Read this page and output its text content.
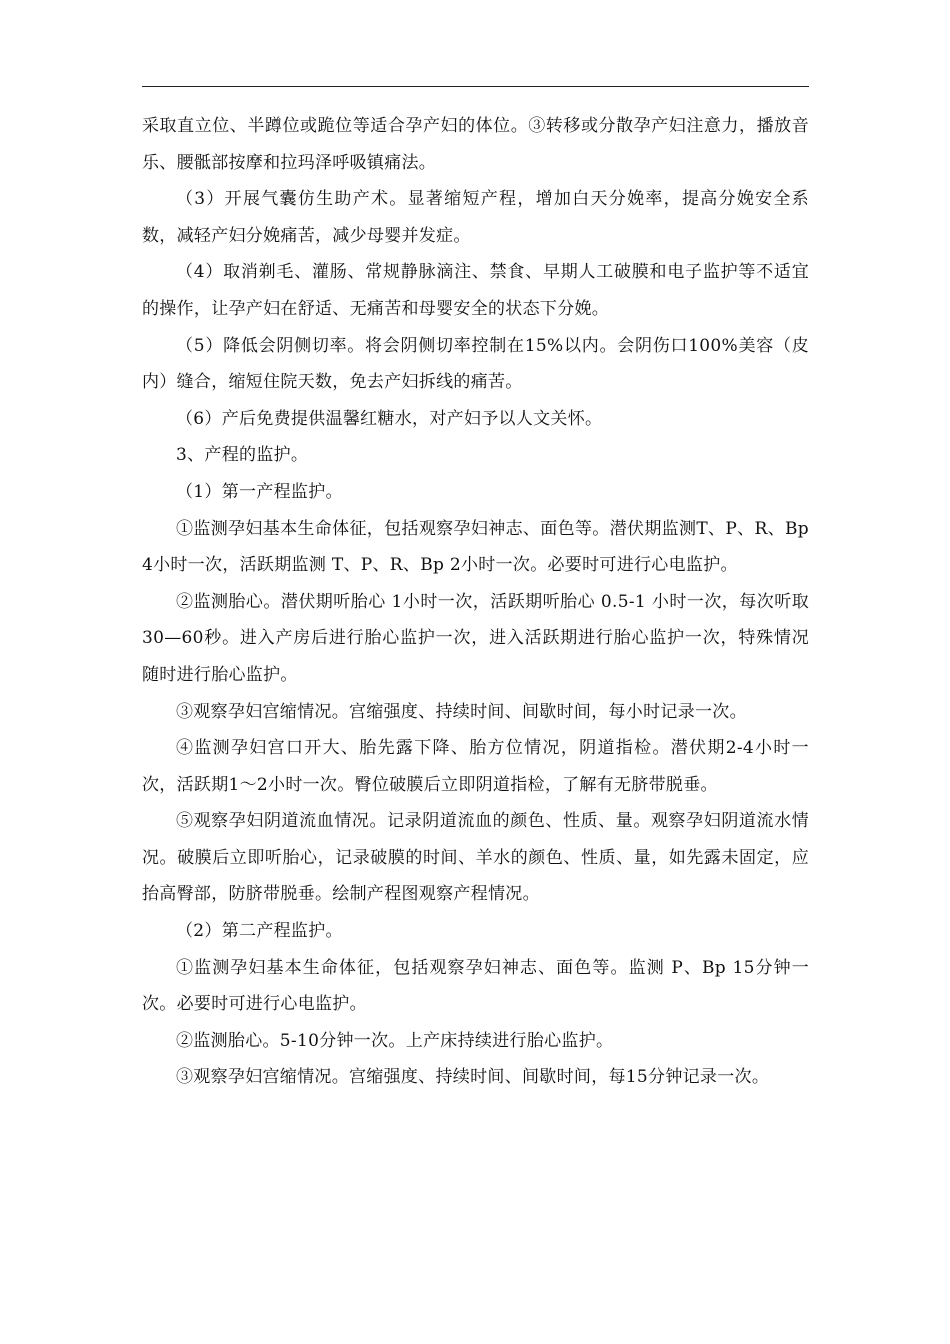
采取直立位、半蹲位或跪位等适合孕产妇的体位。③转移或分散孕产妇注意力，播放音乐、腰骶部按摩和拉玛泽呼吸镇痛法。

（3）开展气囊仿生助产术。显著缩短产程，增加白天分娩率，提高分娩安全系数，减轻产妇分娩痛苦，减少母婴并发症。

（4）取消剃毛、灌肠、常规静脉滴注、禁食、早期人工破膜和电子监护等不适宜的操作，让孕产妇在舒适、无痛苦和母婴安全的状态下分娩。

（5）降低会阴侧切率。将会阴侧切率控制在15%以内。会阴伤口100%美容（皮内）缝合，缩短住院天数，免去产妇拆线的痛苦。

（6）产后免费提供温馨红糖水，对产妇予以人文关怀。

3、产程的监护。

（1）第一产程监护。

①监测孕妇基本生命体征，包括观察孕妇神志、面色等。潜伏期监测T、P、R、Bp 4小时一次，活跃期监测 T、P、R、Bp 2小时一次。必要时可进行心电监护。

②监测胎心。潜伏期听胎心 1小时一次，活跃期听胎心 0.5-1 小时一次，每次听取 30—60秒。进入产房后进行胎心监护一次，进入活跃期进行胎心监护一次，特殊情况随时进行胎心监护。

③观察孕妇宫缩情况。宫缩强度、持续时间、间歇时间，每小时记录一次。

④监测孕妇宫口开大、胎先露下降、胎方位情况，阴道指检。潜伏期2-4小时一次，活跃期1～2小时一次。臀位破膜后立即阴道指检，了解有无脐带脱垂。

⑤观察孕妇阴道流血情况。记录阴道流血的颜色、性质、量。观察孕妇阴道流水情况。破膜后立即听胎心，记录破膜的时间、羊水的颜色、性质、量，如先露未固定，应抬高臀部，防脐带脱垂。绘制产程图观察产程情况。

（2）第二产程监护。

①监测孕妇基本生命体征，包括观察孕妇神志、面色等。监测 P、Bp 15分钟一次。必要时可进行心电监护。

②监测胎心。5-10分钟一次。上产床持续进行胎心监护。

③观察孕妇宫缩情况。宫缩强度、持续时间、间歇时间，每15分钟记录一次。
